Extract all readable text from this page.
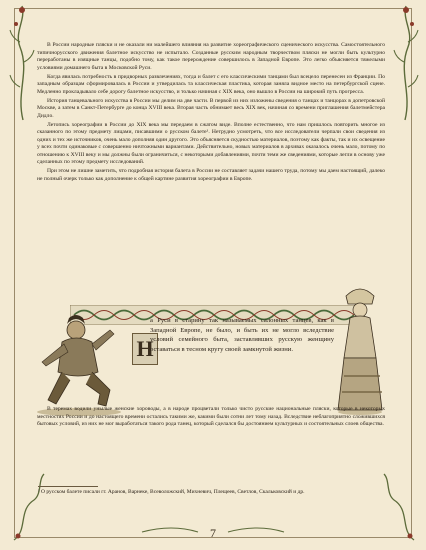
В России народные пляски и не оказали ни малейшего влияния на развитие хореографического сценического искусства. Самостоятельного типичнорусского движения балетное искусство не испытало. Созданные русским народным творчеством пляски не могли быть культурно переработаны в изящные танцы, подобно тому, как такое перерождение совершилось в Западной Европе. Это легко объясняется тяжелыми условиями домашнего быта в Московской Руси.

Когда явилась потребность в придворных развлечениях, тогда и балет с его классическими танцами был всецело перенесен из Франции. По западным образцам сформировалась в России и утвердилась та классическая пластика, которая заняла видное место на петербургской сцене. Медленно прокладывало себе дорогу балетное искусство, и только начиная с XIX века, оно вышло в России на широкий путь прогресса.

История танцевального искусства в России мы делим на две части. В первой из них изложены сведения о танцах и танцорах в допетровской Москве, а затем в Санкт-Петербурге до конца XVIII века. Вторая часть обнимает весь XIX век, начиная со времени приглашения балетмейстера Дидло.

Летопись хореографии в России до XIX века мы передаем в сжатом виде. Вполне естественно, что нам пришлось повторить многое из сказанного по этому предмету лицами, писавшими о русском балете¹. Нетрудно усмотреть, что все исследователи черпали свои сведения из одних и тех же источников, очень мало дополняя один другого. Это объясняется скудностью материалов, поэтому как факты, так и их освещение у всех почти одинаковые с совершенно ничтожными вариантами. Действительно, новых материалов в архивах оказалось очень мало, потому по отношению к XVIII веку и мы должны были ограничиться, с некоторыми добавлениями, почти теми же сведениями, которые легли в основу уже сделанных по этому предмету исследований.

При этом не лишне заметить, что подробная история балета в России не составляет задачи нашего труда, потому мы даем настоящий, далеко не полный очерк только как дополнение к общей картине развития хореографии в Европе.

Н

а Руси в старину так называемых салонных танцев, как в Западной Европе, не было, и быть их не могло вследствие условий семейного быта, заставлявших русскую женщину оставаться в тесном кругу своей замкнутой жизни.

В теремах водили унылые женские хороводы, а в народе процветали только чисто русские национальные пляски, которые в некоторых местностях России и до настоящего времени остались такими же, какими были сотни лет тому назад. Вследствие неблагоприятно сложившихся бытовых условий, из них не мог выработаться такого рода танец, который сделался бы достоянием культурных и состоятельных слоев общества.

¹ О русском балете писали гг. Аранов, Варнеке, Всеволожский, Михневич, Плещеев, Светлов, Скальковский и др.
7
